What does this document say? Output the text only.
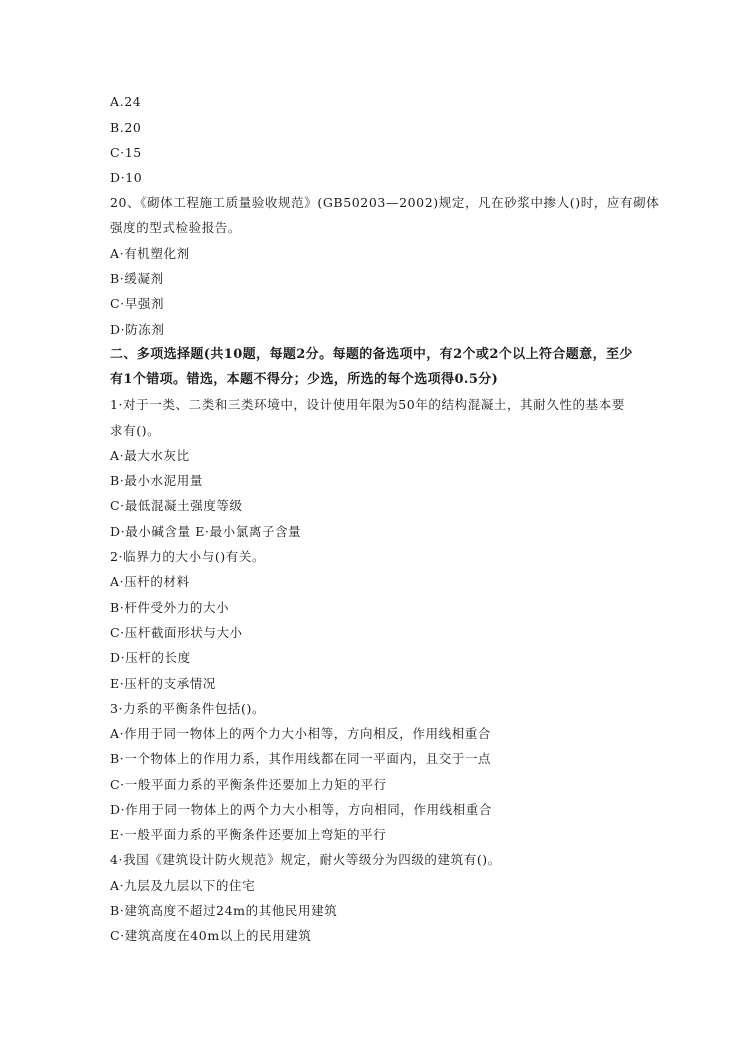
A.24
B.20
C·15
D·10
20、《砌体工程施工质量验收规范》(GB50203—2002)规定，凡在砂浆中掺人()时，应有砌体
强度的型式检验报告。
A·有机塑化剂
B·缓凝剂
C·早强剂
D·防冻剂
二、多项选择题(共10题，每题2分。每题的备选项中，有2个或2个以上符合题意，至少
有1个错项。错选，本题不得分；少选，所选的每个选项得0.5分)
1·对于一类、二类和三类环境中，设计使用年限为50年的结构混凝土，其耐久性的基本要
求有()。
A·最大水灰比
B·最小水泥用量
C·最低混凝土强度等级
D·最小碱含量 E·最小氯离子含量
2·临界力的大小与()有关。
A·压杆的材料
B·杆件受外力的大小
C·压杆截面形状与大小
D·压杆的长度
E·压杆的支承情况
3·力系的平衡条件包括()。
A·作用于同一物体上的两个力大小相等，方向相反，作用线相重合
B·一个物体上的作用力系，其作用线都在同一平面内，且交于一点
C·一般平面力系的平衡条件还要加上力矩的平行
D·作用于同一物体上的两个力大小相等，方向相同，作用线相重合
E·一般平面力系的平衡条件还要加上弯矩的平行
4·我国《建筑设计防火规范》规定，耐火等级分为四级的建筑有()。
A·九层及九层以下的住宅
B·建筑高度不超过24m的其他民用建筑
C·建筑高度在40m以上的民用建筑
